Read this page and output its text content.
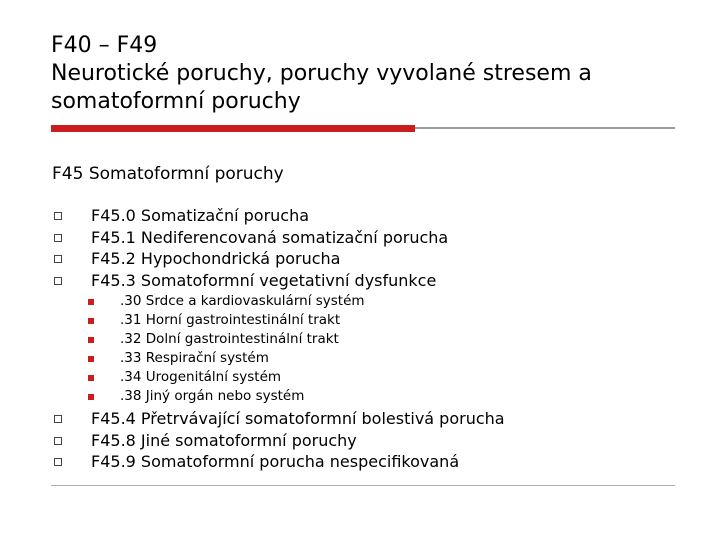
F40 – F49
Neurotické poruchy, poruchy vyvolané stresem a
somatoformní poruchy
F45 Somatoformní poruchy
F45.0 Somatizační porucha
F45.1 Nediferencovaná somatizační porucha
F45.2 Hypochondrická porucha
F45.3 Somatoformní vegetativní dysfunkce
.30 Srdce a kardiovaskulární systém
.31 Horní gastrointestinální trakt
.32 Dolní gastrointestinální trakt
.33 Respirační systém
.34 Urogenitální systém
.38 Jiný orgán nebo systém
F45.4 Přetrvávající somatoformní bolestivá porucha
F45.8 Jiné somatoformní poruchy
F45.9 Somatoformní porucha nespecifikovaná
